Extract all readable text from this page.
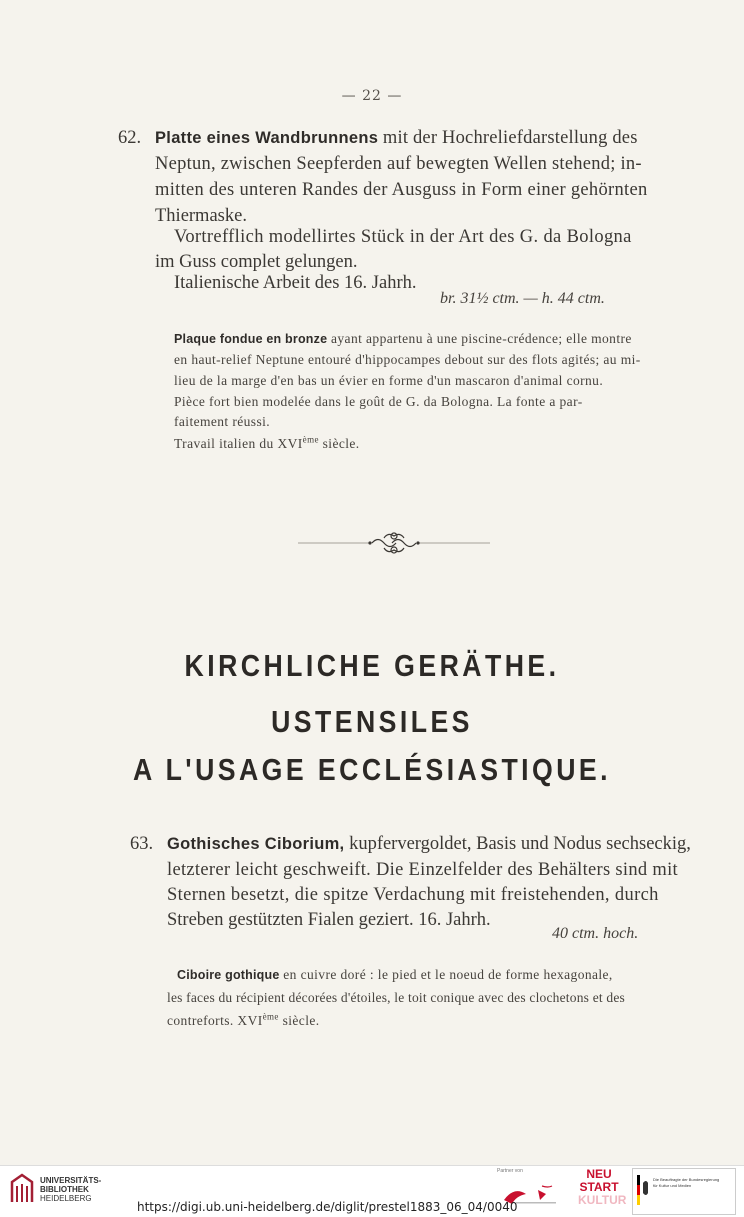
— 22 —
62. Platte eines Wandbrunnens mit der Hochreliefdarstellung des
Neptun, zwischen Seepferden auf bewegten Wellen stehend; in-
mitten des unteren Randes der Ausguss in Form einer gehörnten
Thiermaske.
Vortrefflich modellirtes Stück in der Art des G. da Bologna
im Guss complet gelungen.
Italienische Arbeit des 16. Jahrh.
br. 31½ ctm. — h. 44 ctm.
Plaque fondue en bronze ayant appartenu à une piscine-crédence; elle montre
en haut-relief Neptune entouré d'hippocampes debout sur des flots agités; au mi-
lieu de la marge d'en bas un évier en forme d'un mascaron d'animal cornu.
Pièce fort bien modelée dans le goût de G. da Bologna. La fonte a par-
faitement réussi.
Travail italien du XVIème siècle.
KIRCHLICHE GERÄTHE.
USTENSILES
A L'USAGE ECCLÉSIASTIQUE.
63. Gothisches Ciborium, kupfervergoldet, Basis und Nodus sechseckig,
letzterer leicht geschweift. Die Einzelfelder des Behälters sind mit
Sternen besetzt, die spitze Verdachung mit freistehenden, durch
Streben gestützten Fialen geziert. 16. Jahrh.
40 ctm. hoch.
Ciboire gothique en cuivre doré : le pied et le noeud de forme hexagonale,
les faces du récipient décorées d'étoiles, le toit conique avec des clochetons et des
contreforts. XVIème siècle.
UNIVERSITÄTS-
BIBLIOTHEK
HEIDELBERG
Partner von	NEU
START
KULTUR
Die Beauftragte der Bundesregierung
für Kultur und Medien
https://digi.ub.uni-heidelberg.de/diglit/prestel1883_06_04/0040
